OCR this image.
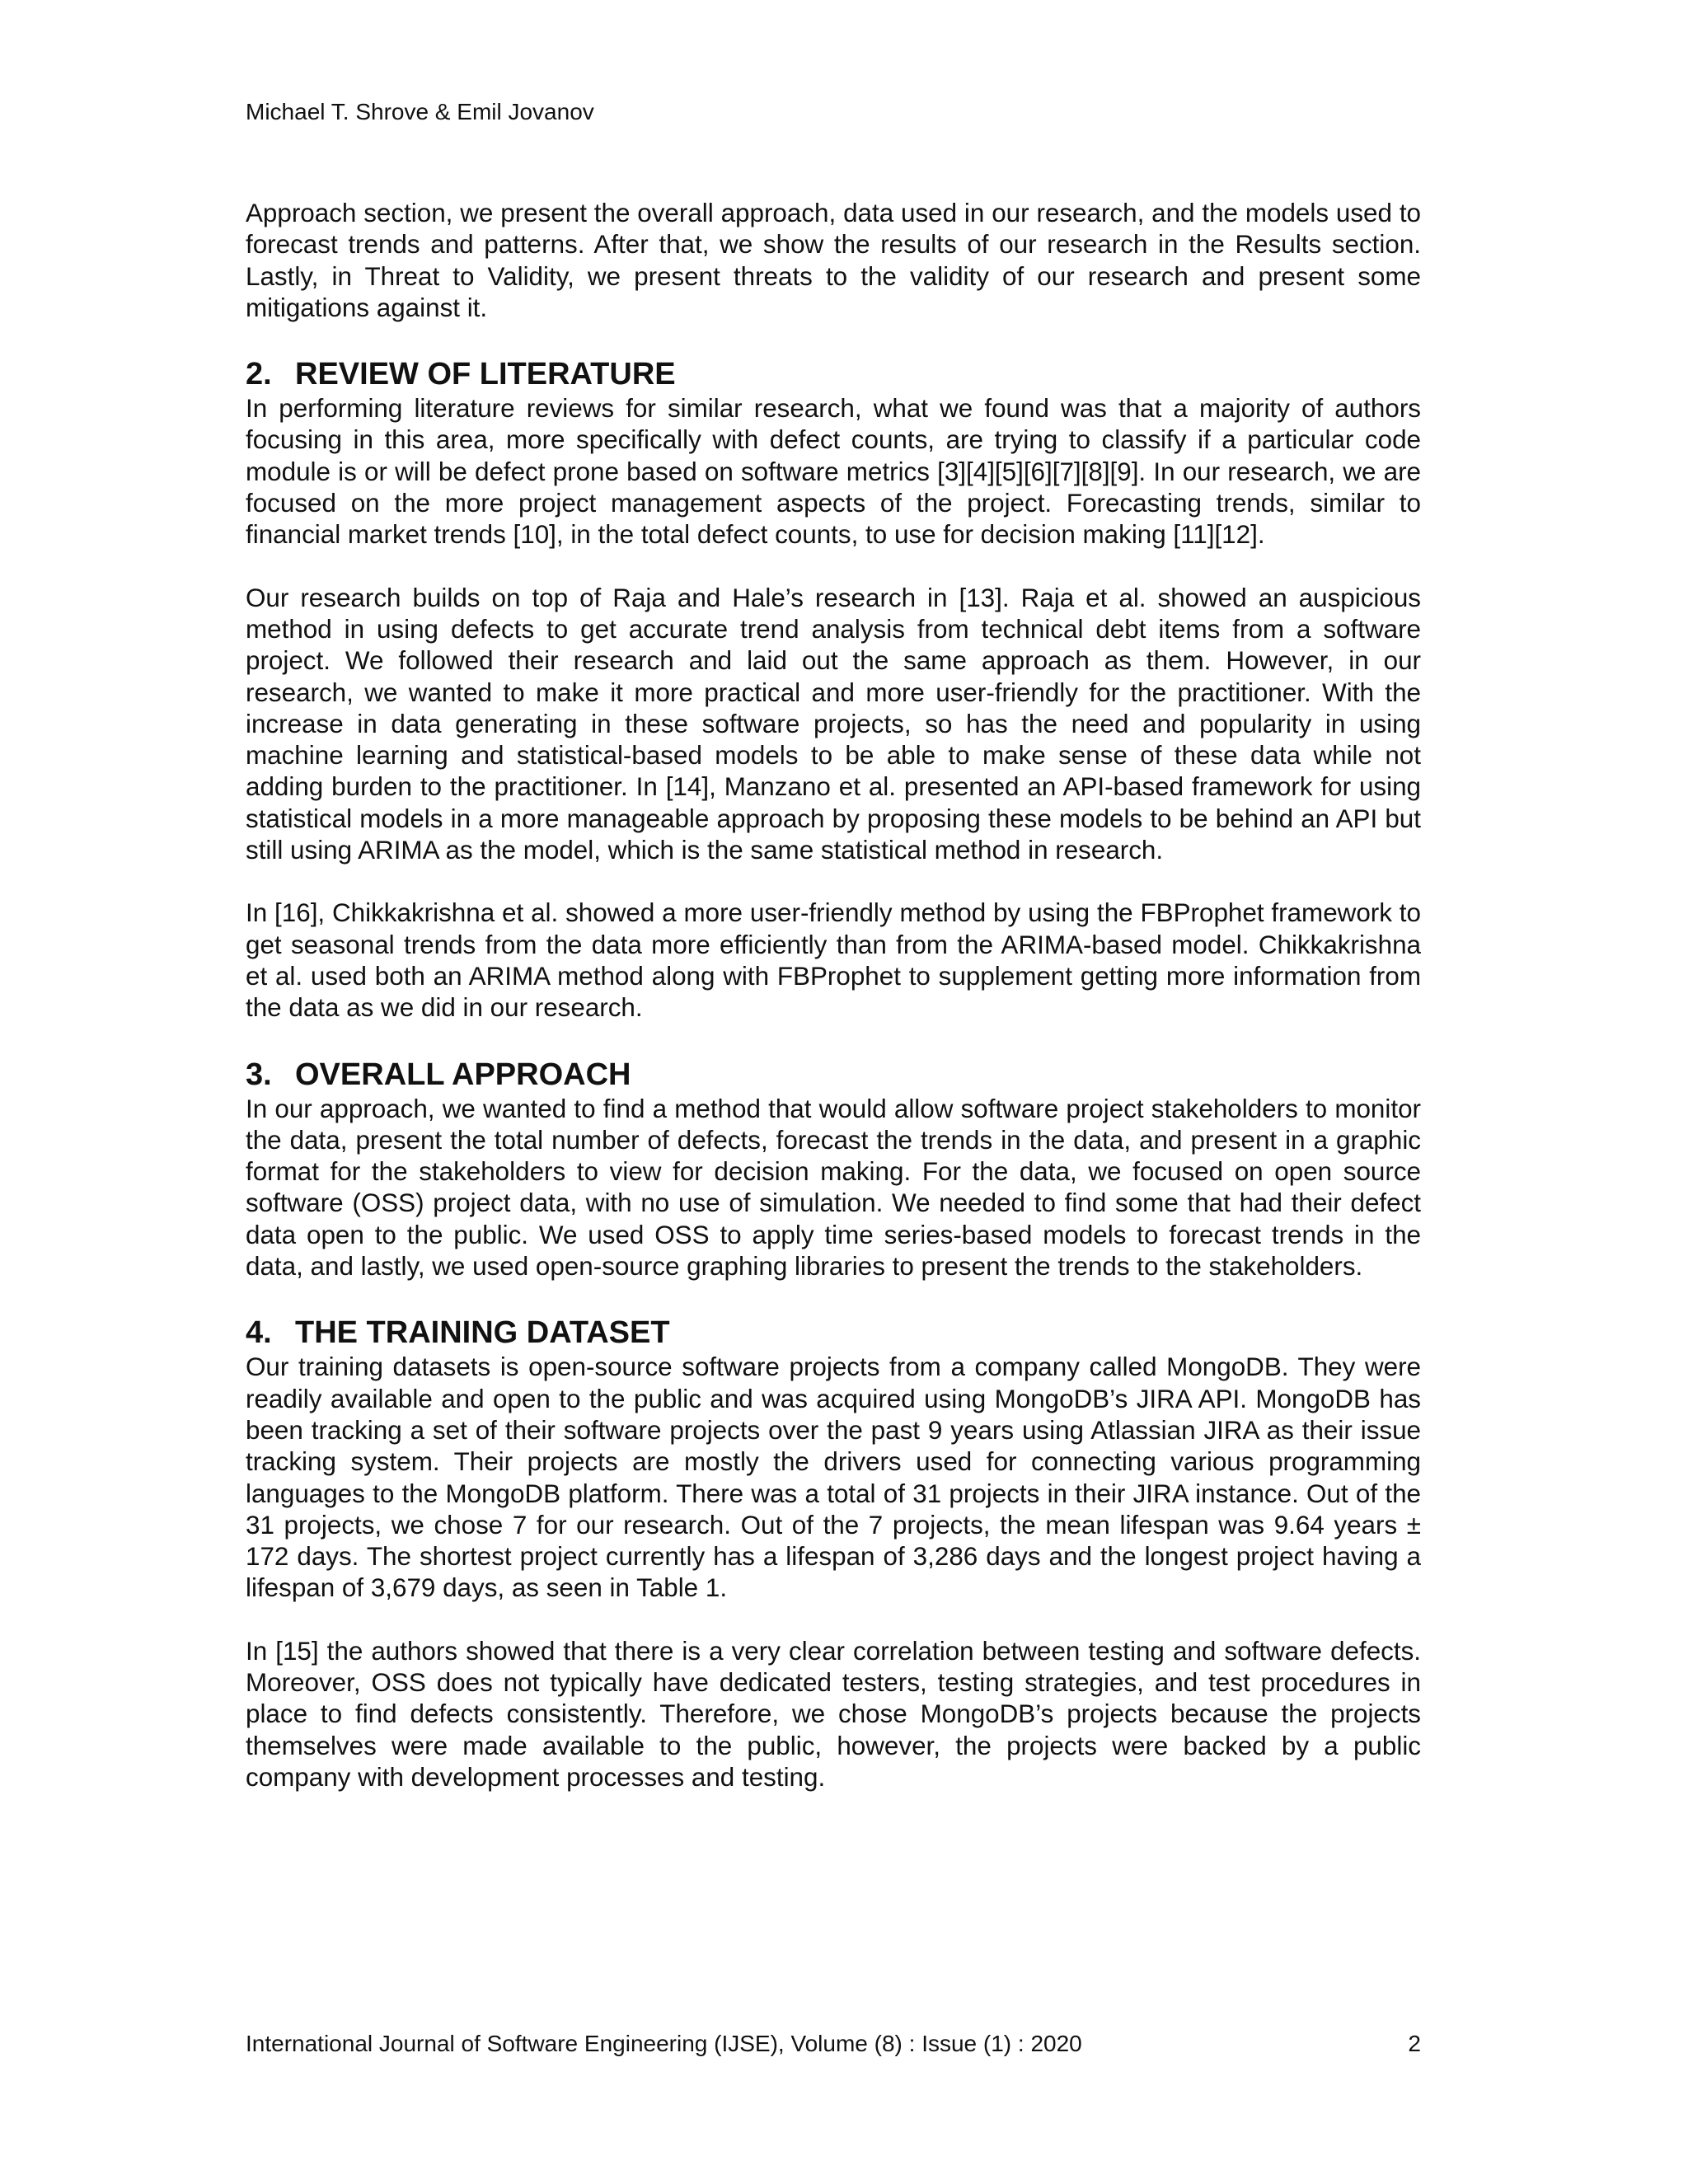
Michael T. Shrove & Emil Jovanov

Approach section, we present the overall approach, data used in our research, and the models used to forecast trends and patterns. After that, we show the results of our research in the Results section. Lastly, in Threat to Validity, we present threats to the validity of our research and present some mitigations against it.

2. REVIEW OF LITERATURE

In performing literature reviews for similar research, what we found was that a majority of authors focusing in this area, more specifically with defect counts, are trying to classify if a particular code module is or will be defect prone based on software metrics [3][4][5][6][7][8][9]. In our research, we are focused on the more project management aspects of the project. Forecasting trends, similar to financial market trends [10], in the total defect counts, to use for decision making [11][12].

Our research builds on top of Raja and Hale’s research in [13]. Raja et al. showed an auspicious method in using defects to get accurate trend analysis from technical debt items from a software project. We followed their research and laid out the same approach as them. However, in our research, we wanted to make it more practical and more user-friendly for the practitioner. With the increase in data generating in these software projects, so has the need and popularity in using machine learning and statistical-based models to be able to make sense of these data while not adding burden to the practitioner. In [14], Manzano et al. presented an API-based framework for using statistical models in a more manageable approach by proposing these models to be behind an API but still using ARIMA as the model, which is the same statistical method in research.

In [16], Chikkakrishna et al. showed a more user-friendly method by using the FBProphet framework to get seasonal trends from the data more efficiently than from the ARIMA-based model. Chikkakrishna et al. used both an ARIMA method along with FBProphet to supplement getting more information from the data as we did in our research.

3. OVERALL APPROACH

In our approach, we wanted to find a method that would allow software project stakeholders to monitor the data, present the total number of defects, forecast the trends in the data, and present in a graphic format for the stakeholders to view for decision making. For the data, we focused on open source software (OSS) project data, with no use of simulation. We needed to find some that had their defect data open to the public. We used OSS to apply time series-based models to forecast trends in the data, and lastly, we used open-source graphing libraries to present the trends to the stakeholders.

4. THE TRAINING DATASET

Our training datasets is open-source software projects from a company called MongoDB. They were readily available and open to the public and was acquired using MongoDB’s JIRA API. MongoDB has been tracking a set of their software projects over the past 9 years using Atlassian JIRA as their issue tracking system. Their projects are mostly the drivers used for connecting various programming languages to the MongoDB platform. There was a total of 31 projects in their JIRA instance. Out of the 31 projects, we chose 7 for our research. Out of the 7 projects, the mean lifespan was 9.64 years ± 172 days. The shortest project currently has a lifespan of 3,286 days and the longest project having a lifespan of 3,679 days, as seen in Table 1.

In [15] the authors showed that there is a very clear correlation between testing and software defects. Moreover, OSS does not typically have dedicated testers, testing strategies, and test procedures in place to find defects consistently. Therefore, we chose MongoDB’s projects because the projects themselves were made available to the public, however, the projects were backed by a public company with development processes and testing.

International Journal of Software Engineering (IJSE), Volume (8) : Issue (1) : 2020	2
